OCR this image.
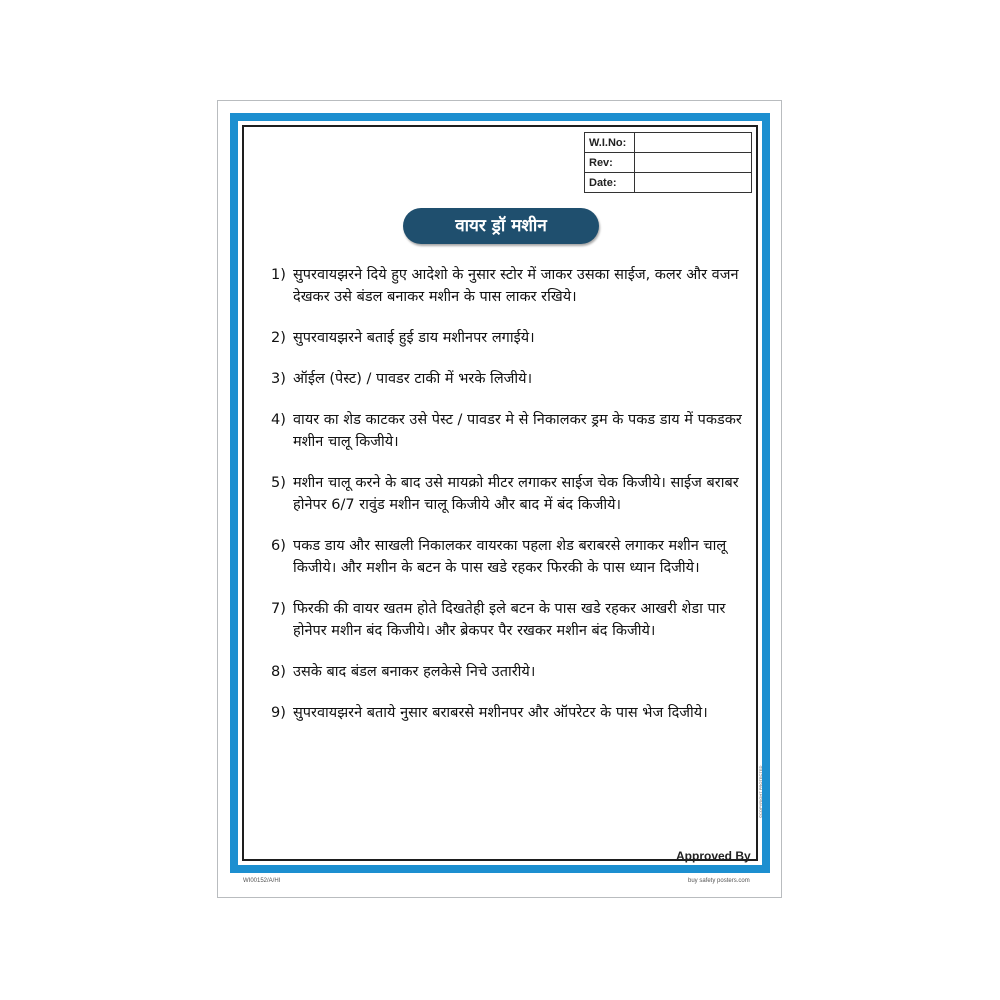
W.I.No:	
Rev:	
Date:	
वायर ड्रॉ मशीन
1) सुपरवायझरने दिये हुए आदेशो के नुसार स्टोर में जाकर उसका साईज, कलर और वजन देखकर उसे बंडल बनाकर मशीन के पास लाकर रखिये।
2) सुपरवायझरने बताई हुई डाय मशीनपर लगाईये।
3) ऑईल (पेस्ट) / पावडर टाकी में भरके लिजीये।
4) वायर का शेड काटकर उसे पेस्ट / पावडर मे से निकालकर ड्रम के पकड डाय में पकडकर मशीन चालू किजीये।
5) मशीन चालू करने के बाद उसे मायक्रो मीटर लगाकर साईज चेक किजीये। साईज बराबर होनेपर 6/7 रावुंड मशीन चालू किजीये और बाद में बंद किजीये।
6) पकड डाय और साखली निकालकर वायरका पहला शेड बराबरसे लगाकर मशीन चालू किजीये। और मशीन के बटन के पास खडे रहकर फिरकी के पास ध्यान दिजीये।
7) फिरकी की वायर खतम होते दिखतेही इले बटन के पास खडे रहकर आखरी शेडा पार होनेपर मशीन बंद किजीये। और ब्रेकपर पैर रखकर मशीन बंद किजीये।
8) उसके बाद बंडल बनाकर हलकेसे निचे उतारीये।
9) सुपरवायझरने बताये नुसार बराबरसे मशीनपर और ऑपरेटर के पास भेज दिजीये।
Approved By
WI00152/A/HI	buy safety posters.com
©COPYRIGHT PROTECTED
